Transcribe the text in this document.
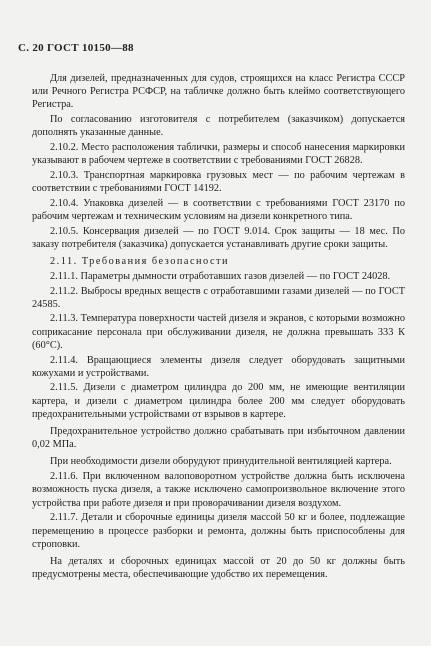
С. 20 ГОСТ 10150—88

Для дизелей, предназначенных для судов, строящихся на класс Регистра СССР или Речного Регистра РСФСР, на табличке должно быть клеймо соответствующего Регистра.

По согласованию изготовителя с потребителем (заказчиком) допускается дополнять указанные данные.

2.10.2. Место расположения таблички, размеры и способ нанесения маркировки указывают в рабочем чертеже в соответствии с требованиями ГОСТ 26828.

2.10.3. Транспортная маркировка грузовых мест — по рабочим чертежам в соответствии с требованиями ГОСТ 14192.

2.10.4. Упаковка дизелей — в соответствии с требованиями ГОСТ 23170 по рабочим чертежам и техническим условиям на дизели конкретного типа.

2.10.5. Консервация дизелей — по ГОСТ 9.014. Срок защиты — 18 мес. По заказу потребителя (заказчика) допускается устанавливать другие сроки защиты.

2.11. Требования безопасности

2.11.1. Параметры дымности отработавших газов дизелей — по ГОСТ 24028.

2.11.2. Выбросы вредных веществ с отработавшими газами дизелей — по ГОСТ 24585.

2.11.3. Температура поверхности частей дизеля и экранов, с которыми возможно соприкасание персонала при обслуживании дизеля, не должна превышать 333 К (60°С).

2.11.4. Вращающиеся элементы дизеля следует оборудовать защитными кожухами и устройствами.

2.11.5. Дизели с диаметром цилиндра до 200 мм, не имеющие вентиляции картера, и дизели с диаметром цилиндра более 200 мм следует оборудовать предохранительными устройствами от взрывов в картере.

Предохранительное устройство должно срабатывать при избыточном давлении 0,02 МПа.

При необходимости дизели оборудуют принудительной вентиляцией картера.

2.11.6. При включенном валоповоротном устройстве должна быть исключена возможность пуска дизеля, а также исключено самопроизвольное включение этого устройства при работе дизеля и при проворачивании дизеля воздухом.

2.11.7. Детали и сборочные единицы дизеля массой 50 кг и более, подлежащие перемещению в процессе разборки и ремонта, должны быть приспособлены для строповки.

На деталях и сборочных единицах массой от 20 до 50 кг должны быть предусмотрены места, обеспечивающие удобство их перемещения.
